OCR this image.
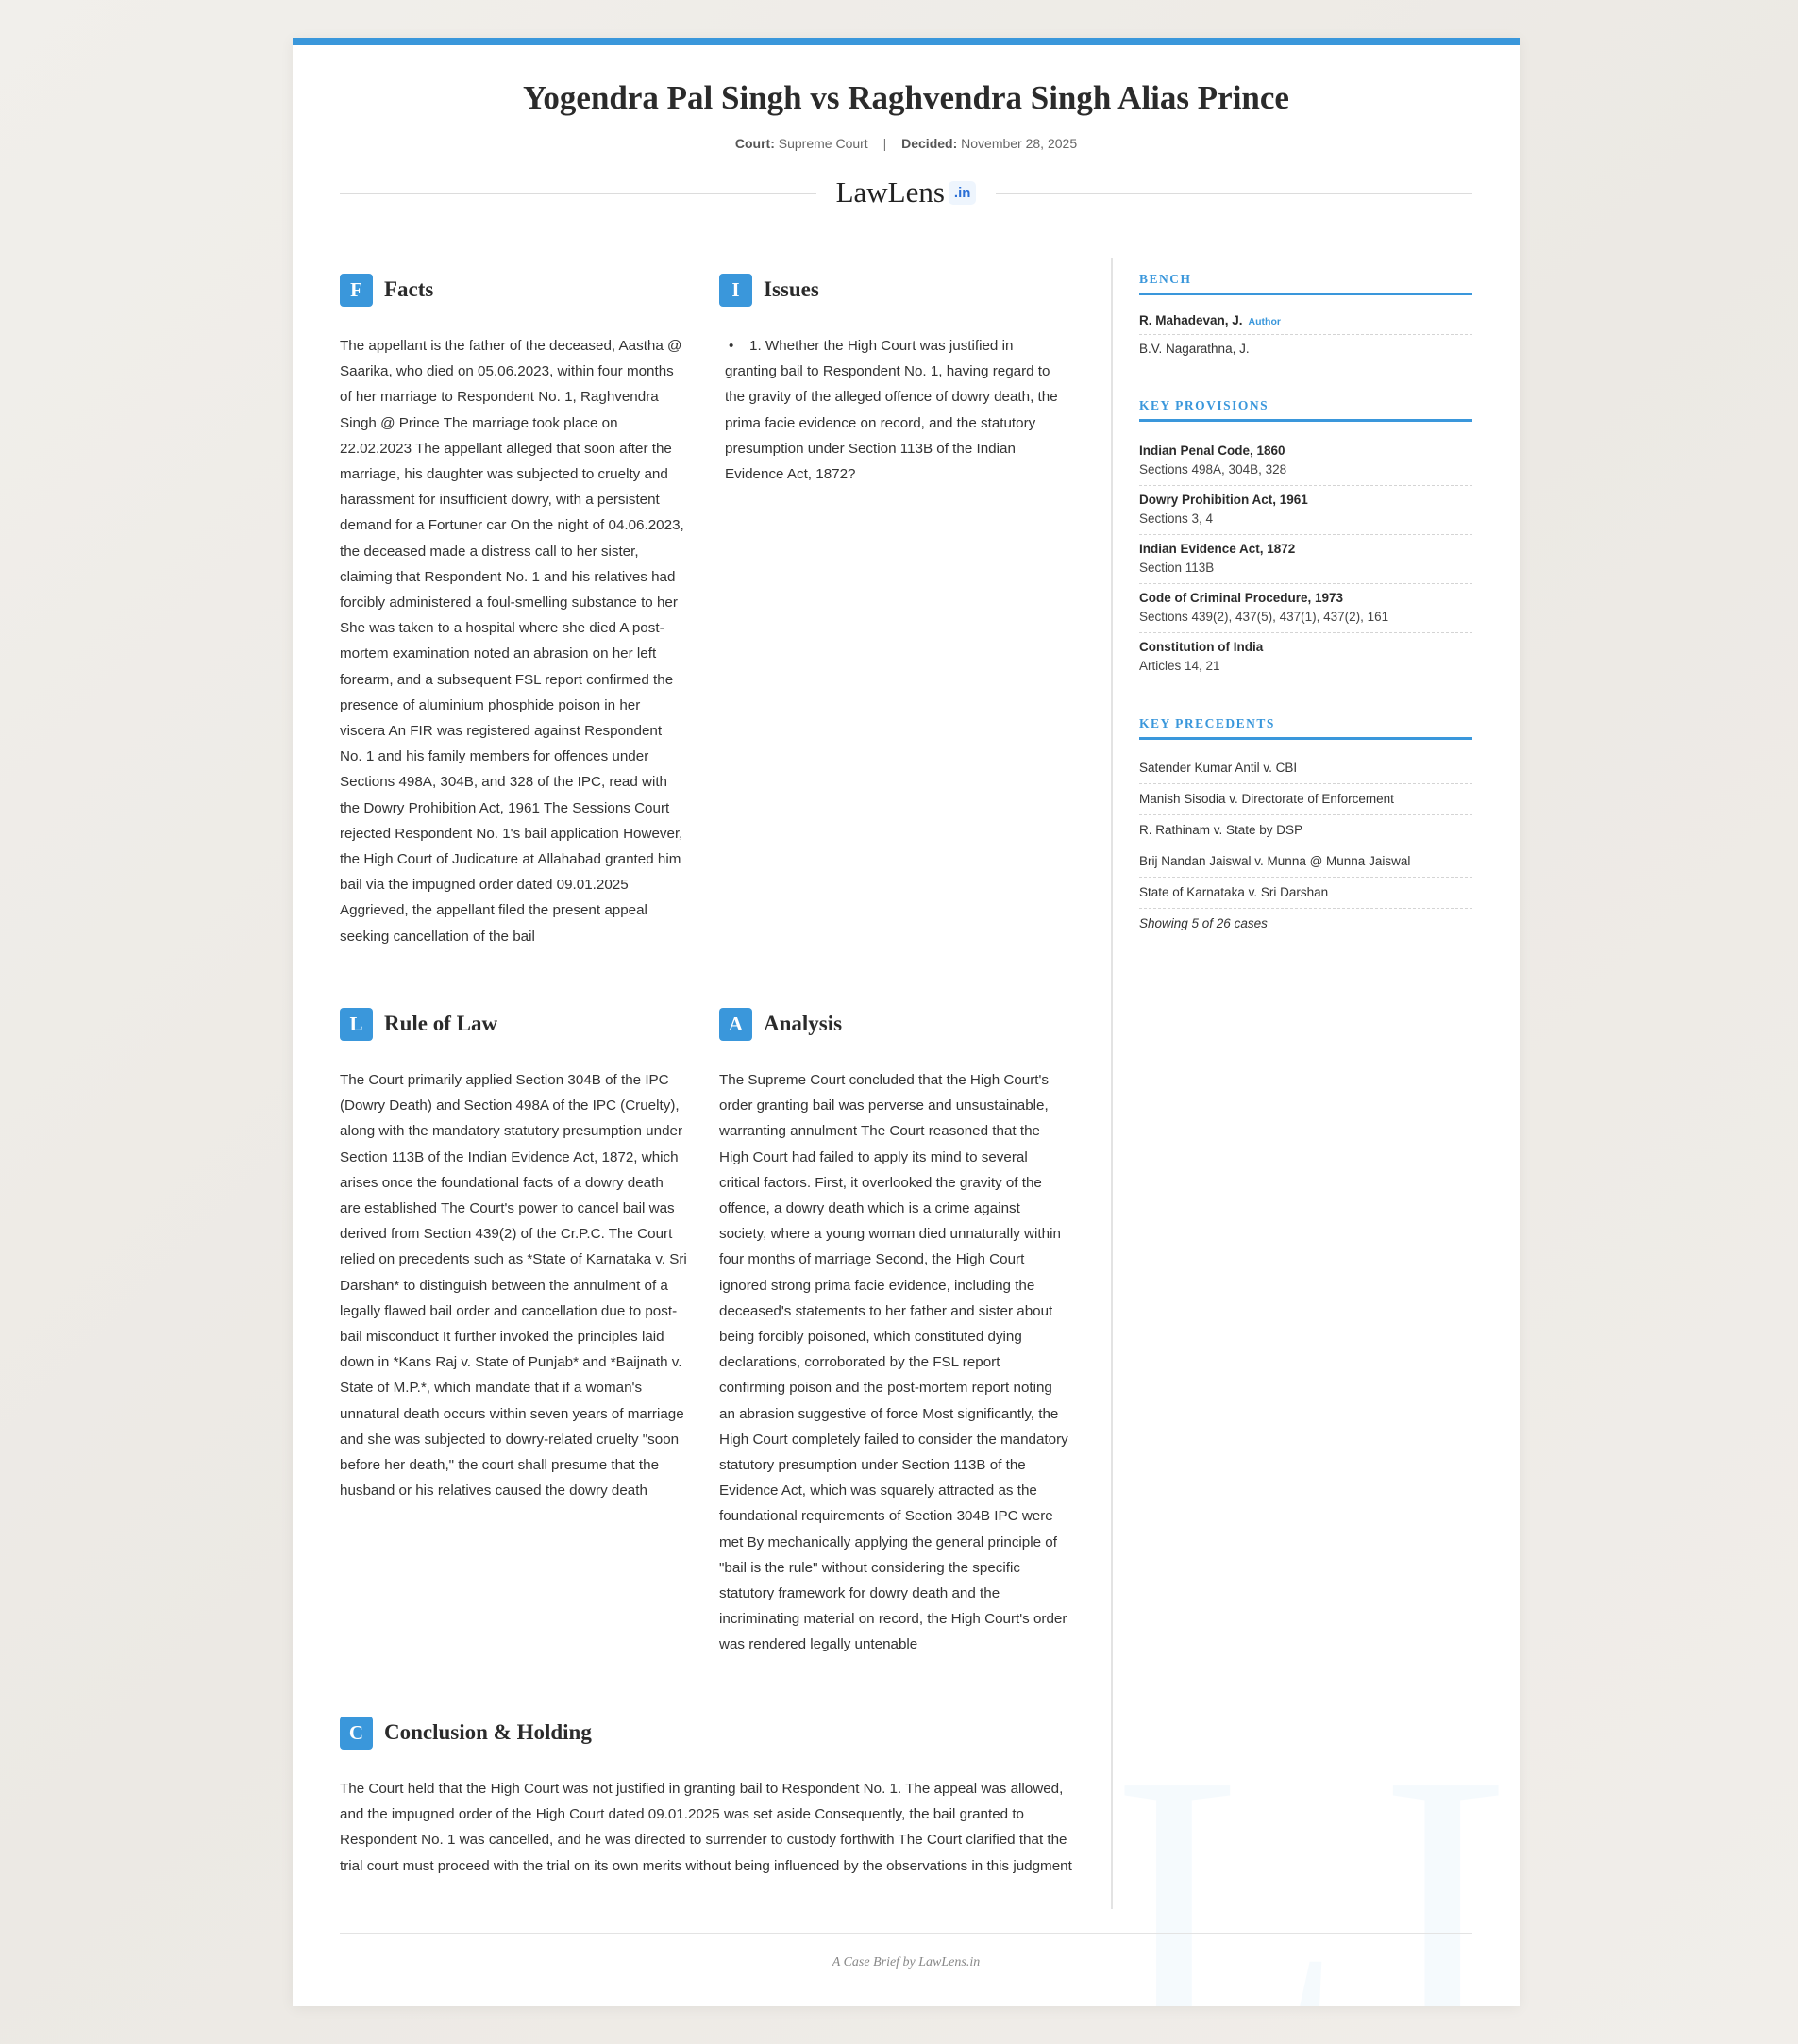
Yogendra Pal Singh vs Raghvendra Singh Alias Prince
Court: Supreme Court | Decided: November 28, 2025
LawLens .in
F	Facts
The appellant is the father of the deceased, Aastha @ Saarika, who died on 05.06.2023, within four months of her marriage to Respondent No. 1, Raghvendra Singh @ Prince The marriage took place on 22.02.2023 The appellant alleged that soon after the marriage, his daughter was subjected to cruelty and harassment for insufficient dowry, with a persistent demand for a Fortuner car On the night of 04.06.2023, the deceased made a distress call to her sister, claiming that Respondent No. 1 and his relatives had forcibly administered a foul-smelling substance to her She was taken to a hospital where she died A post-mortem examination noted an abrasion on her left forearm, and a subsequent FSL report confirmed the presence of aluminium phosphide poison in her viscera An FIR was registered against Respondent No. 1 and his family members for offences under Sections 498A, 304B, and 328 of the IPC, read with the Dowry Prohibition Act, 1961 The Sessions Court rejected Respondent No. 1's bail application However, the High Court of Judicature at Allahabad granted him bail via the impugned order dated 09.01.2025 Aggrieved, the appellant filed the present appeal seeking cancellation of the bail
I	Issues
• 1. Whether the High Court was justified in granting bail to Respondent No. 1, having regard to the gravity of the alleged offence of dowry death, the prima facie evidence on record, and the statutory presumption under Section 113B of the Indian Evidence Act, 1872?
L Rule of Law
The Court primarily applied Section 304B of the IPC (Dowry Death) and Section 498A of the IPC (Cruelty), along with the mandatory statutory presumption under Section 113B of the Indian Evidence Act, 1872, which arises once the foundational facts of a dowry death are established The Court's power to cancel bail was derived from Section 439(2) of the Cr.P.C. The Court relied on precedents such as *State of Karnataka v. Sri Darshan* to distinguish between the annulment of a legally flawed bail order and cancellation due to post-bail misconduct It further invoked the principles laid down in *Kans Raj v. State of Punjab* and *Baijnath v. State of M.P.*, which mandate that if a woman's unnatural death occurs within seven years of marriage and she was subjected to dowry-related cruelty "soon before her death," the court shall presume that the husband or his relatives caused the dowry death
A Analysis
The Supreme Court concluded that the High Court's order granting bail was perverse and unsustainable, warranting annulment The Court reasoned that the High Court had failed to apply its mind to several critical factors. First, it overlooked the gravity of the offence, a dowry death which is a crime against society, where a young woman died unnaturally within four months of marriage Second, the High Court ignored strong prima facie evidence, including the deceased's statements to her father and sister about being forcibly poisoned, which constituted dying declarations, corroborated by the FSL report confirming poison and the post-mortem report noting an abrasion suggestive of force Most significantly, the High Court completely failed to consider the mandatory statutory presumption under Section 113B of the Evidence Act, which was squarely attracted as the foundational requirements of Section 304B IPC were met By mechanically applying the general principle of "bail is the rule" without considering the specific statutory framework for dowry death and the incriminating material on record, the High Court's order was rendered legally untenable
C Conclusion & Holding
The Court held that the High Court was not justified in granting bail to Respondent No. 1. The appeal was allowed, and the impugned order of the High Court dated 09.01.2025 was set aside Consequently, the bail granted to Respondent No. 1 was cancelled, and he was directed to surrender to custody forthwith The Court clarified that the trial court must proceed with the trial on its own merits without being influenced by the observations in this judgment
BENCH
R. Mahadevan, J. Author
B.V. Nagarathna, J.
KEY PROVISIONS
Indian Penal Code, 1860
Sections 498A, 304B, 328
Dowry Prohibition Act, 1961
Sections 3, 4
Indian Evidence Act, 1872
Section 113B
Code of Criminal Procedure, 1973
Sections 439(2), 437(5), 437(1), 437(2), 161
Constitution of India
Articles 14, 21
KEY PRECEDENTS
Satender Kumar Antil v. CBI
Manish Sisodia v. Directorate of Enforcement
R. Rathinam v. State by DSP
Brij Nandan Jaiswal v. Munna @ Munna Jaiswal
State of Karnataka v. Sri Darshan
Showing 5 of 26 cases
A Case Brief by LawLens.in
